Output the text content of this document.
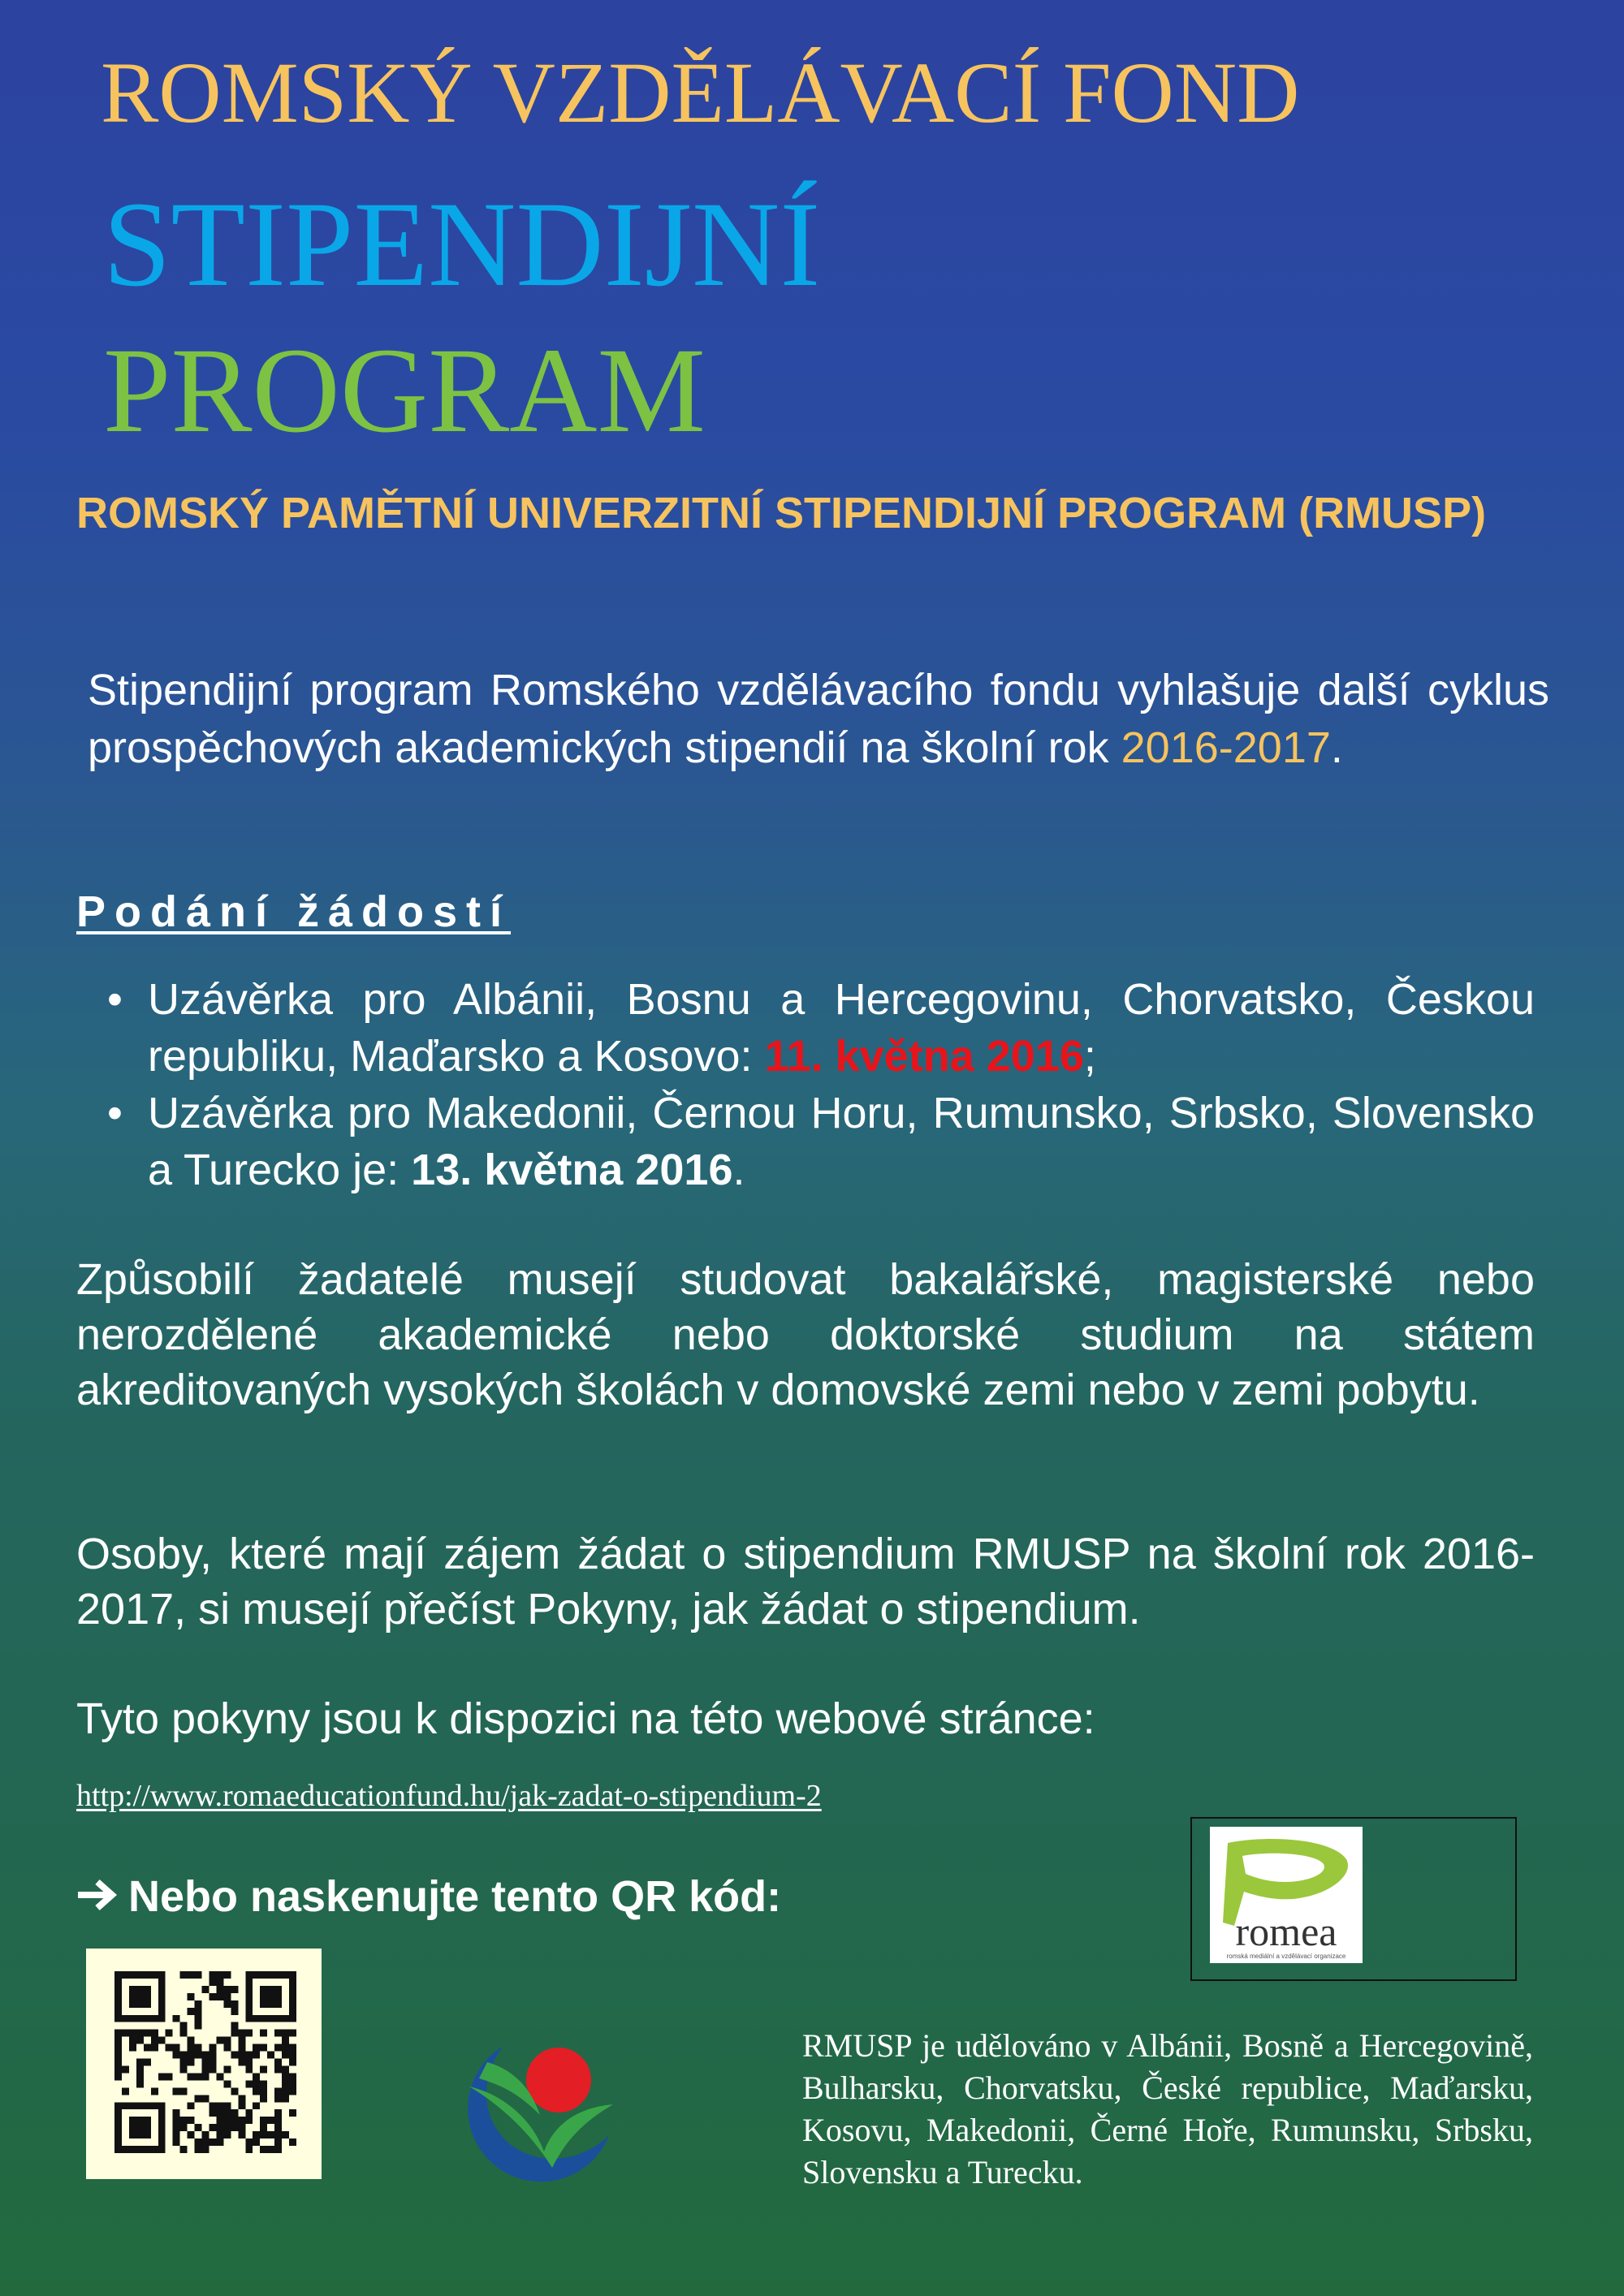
ROMSKÝ VZDĚLÁVACÍ FOND
STIPENDIJNÍ
PROGRAM
ROMSKÝ PAMĚTNÍ UNIVERZITNÍ STIPENDIJNÍ PROGRAM (RMUSP)
Stipendijní program Romského vzdělávacího fondu vyhlašuje další cyklus prospěchových akademických stipendií na školní rok 2016-2017.
Podání žádostí
• Uzávěrka pro Albánii, Bosnu a Hercegovinu, Chorvatsko, Českou republiku, Maďarsko a Kosovo: 11. května 2016;
• Uzávěrka pro Makedonii, Černou Horu, Rumunsko, Srbsko, Slovensko a Turecko je: 13. května 2016.
Způsobilí žadatelé musejí studovat bakalářské, magisterské nebo nerozdělené akademické nebo doktorské studium na státem akreditovaných vysokých školách v domovské zemi nebo v zemi pobytu.
Osoby, které mají zájem žádat o stipendium RMUSP na školní rok 2016-2017, si musejí přečíst Pokyny, jak žádat o stipendium.
Tyto pokyny jsou k dispozici na této webové stránce:
http://www.romaeducationfund.hu/jak-zadat-o-stipendium-2
Nebo naskenujte tento QR kód:
romea
romská mediální a vzdělávací organizace
RMUSP je udělováno v Albánii, Bosně a Hercegovině, Bulharsku, Chorvatsku, České republice, Maďarsku, Kosovu, Makedonii, Černé Hoře, Rumunsku, Srbsku, Slovensku a Turecku.
